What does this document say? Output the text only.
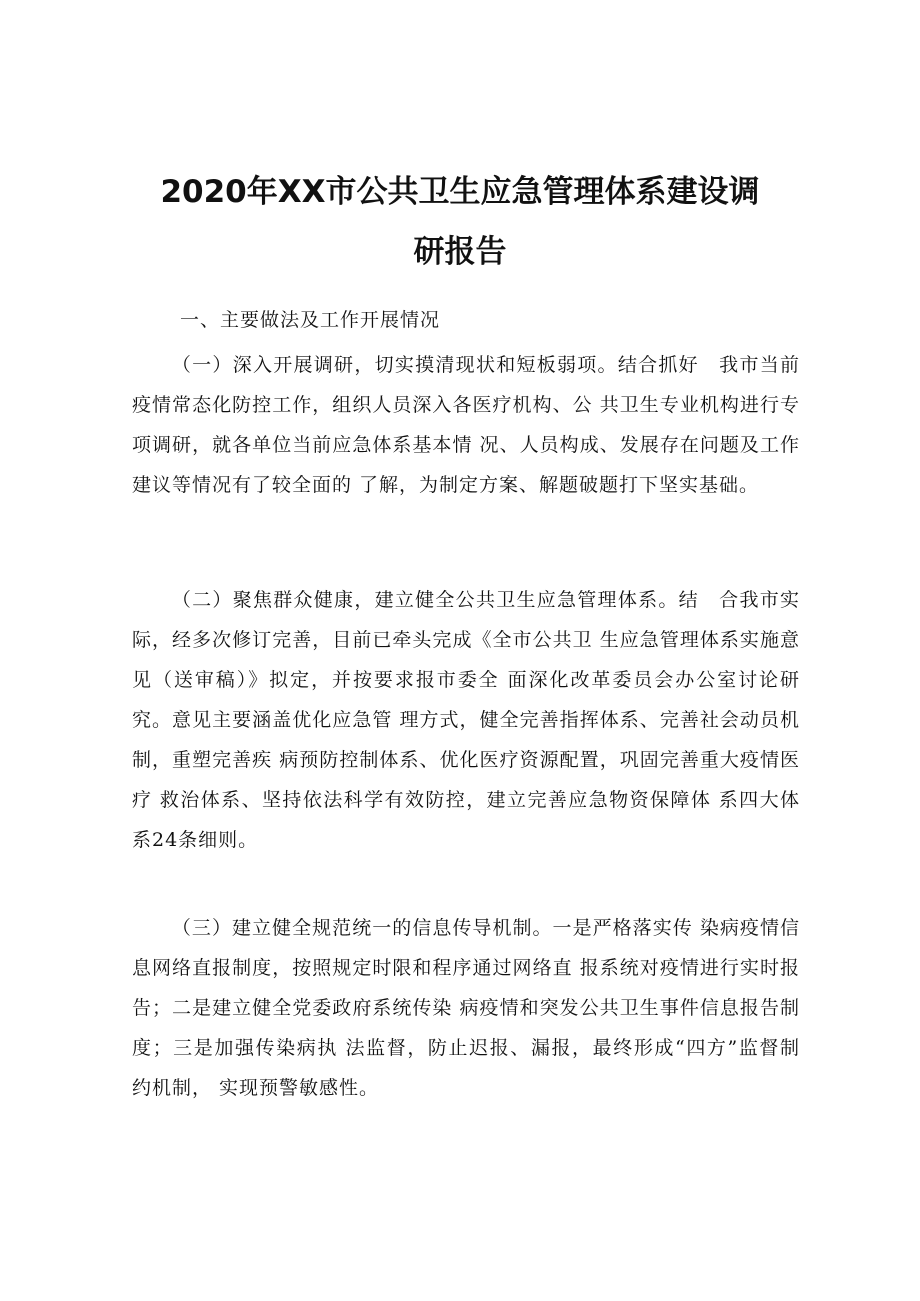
2020年XX市公共卫生应急管理体系建设调
研报告
一、主要做法及工作开展情况
（一）深入开展调研，切实摸清现状和短板弱项。结合抓好　我市当前疫情常态化防控工作，组织人员深入各医疗机构、公 共卫生专业机构进行专项调研，就各单位当前应急体系基本情 况、人员构成、发展存在问题及工作建议等情况有了较全面的 了解，为制定方案、解题破题打下坚实基础。
（二）聚焦群众健康，建立健全公共卫生应急管理体系。结　合我市实际，经多次修订完善，目前已牵头完成《全市公共卫 生应急管理体系实施意见（送审稿）》拟定，并按要求报市委全 面深化改革委员会办公室讨论研究。意见主要涵盖优化应急管 理方式，健全完善指挥体系、完善社会动员机制，重塑完善疾 病预防控制体系、优化医疗资源配置，巩固完善重大疫情医疗 救治体系、坚持依法科学有效防控，建立完善应急物资保障体 系四大体系24条细则。
（三）建立健全规范统一的信息传导机制。一是严格落实传 染病疫情信息网络直报制度，按照规定时限和程序通过网络直 报系统对疫情进行实时报告；二是建立健全党委政府系统传染 病疫情和突发公共卫生事件信息报告制度；三是加强传染病执 法监督，防止迟报、漏报，最终形成“四方”监督制约机制， 实现预警敏感性。
